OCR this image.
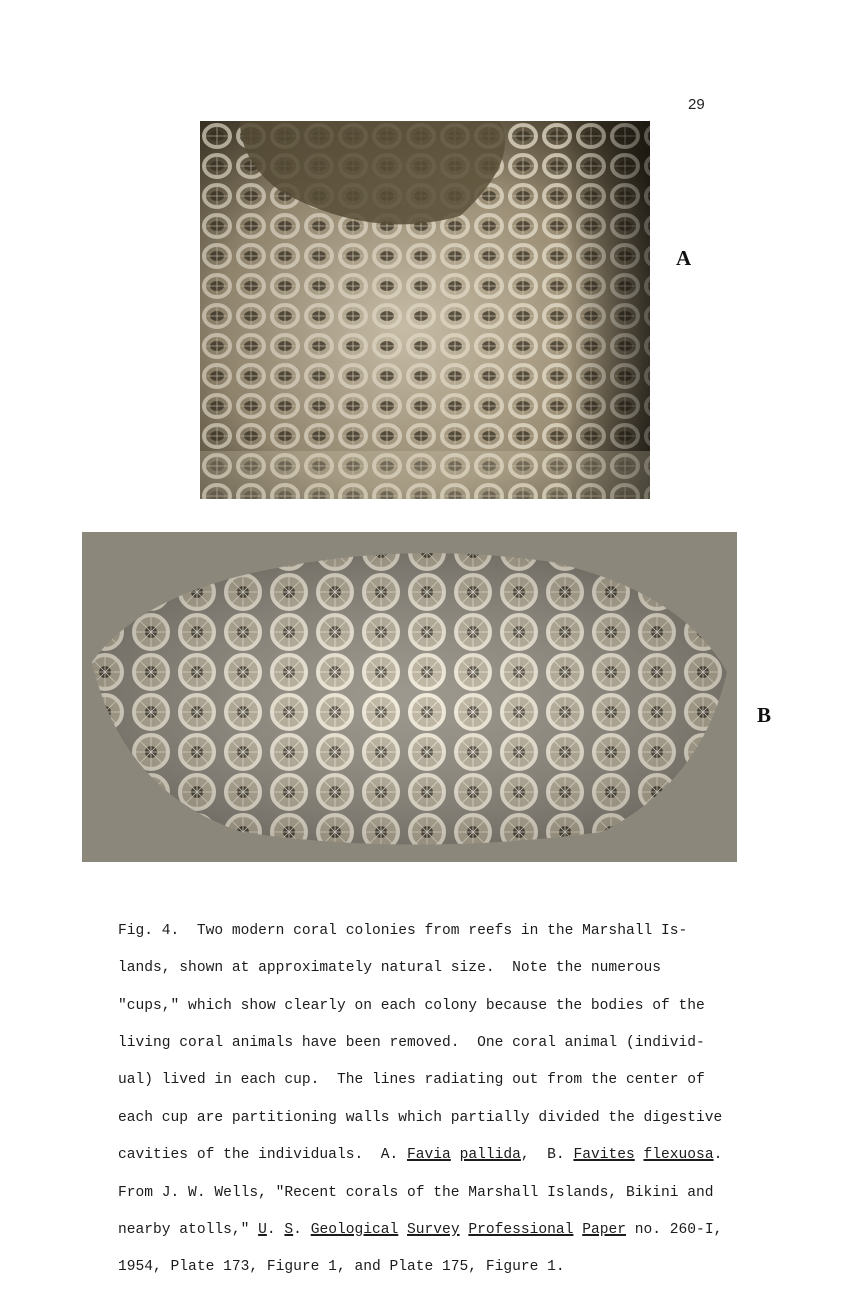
29
A
B

Fig. 4.  Two modern coral colonies from reefs in the Marshall Is-

lands, shown at approximately natural size.  Note the numerous

"cups," which show clearly on each colony because the bodies of the

living coral animals have been removed.  One coral animal (individ-

ual) lived in each cup.  The lines radiating out from the center of

each cup are partitioning walls which partially divided the digestive

cavities of the individuals.  A. Favia pallida,  B. Favites flexuosa.

From J. W. Wells, "Recent corals of the Marshall Islands, Bikini and

nearby atolls," U. S. Geological Survey Professional Paper no. 260-I,

1954, Plate 173, Figure 1, and Plate 175, Figure 1.
